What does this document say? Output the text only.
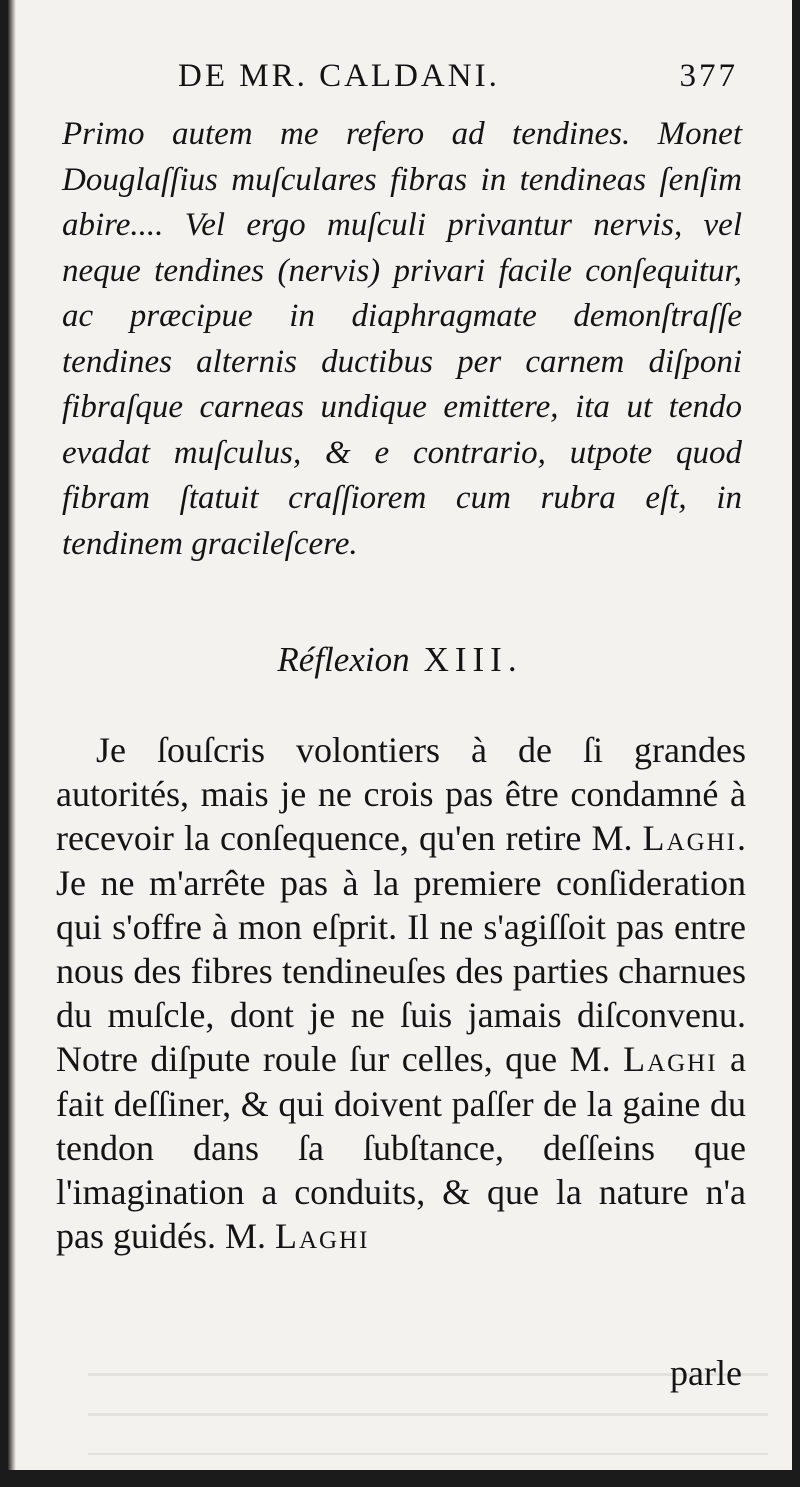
DE MR. CALDANI.	377

Primo autem me refero ad tendines. Monet Douglaſſius muſculares fibras in tendineas ſenſim abire.... Vel ergo muſculi privantur nervis, vel neque tendines (nervis) privari facile conſequitur, ac præcipue in diaphragmate demonſtraſſe tendines alternis ductibus per carnem diſponi fibraſque carneas undique emittere, ita ut tendo evadat muſculus, & e contrario, utpote quod fibram ſtatuit craſſiorem cum rubra eſt, in tendinem gracileſcere.

Réflexion XIII.

Je ſouſcris volontiers à de ſi grandes autorités, mais je ne crois pas être condamné à recevoir la conſequence, qu'en retire M. Laghi. Je ne m'arrête pas à la premiere conſideration qui s'offre à mon eſprit. Il ne s'agiſſoit pas entre nous des fibres tendineuſes des parties charnues du muſcle, dont je ne ſuis jamais diſconvenu. Notre diſpute roule ſur celles, que M. Laghi a fait deſſiner, & qui doivent paſſer de la gaine du tendon dans ſa ſubſtance, deſſeins que l'imagination a conduits, & que la nature n'a pas guidés. M. Laghi

parle
